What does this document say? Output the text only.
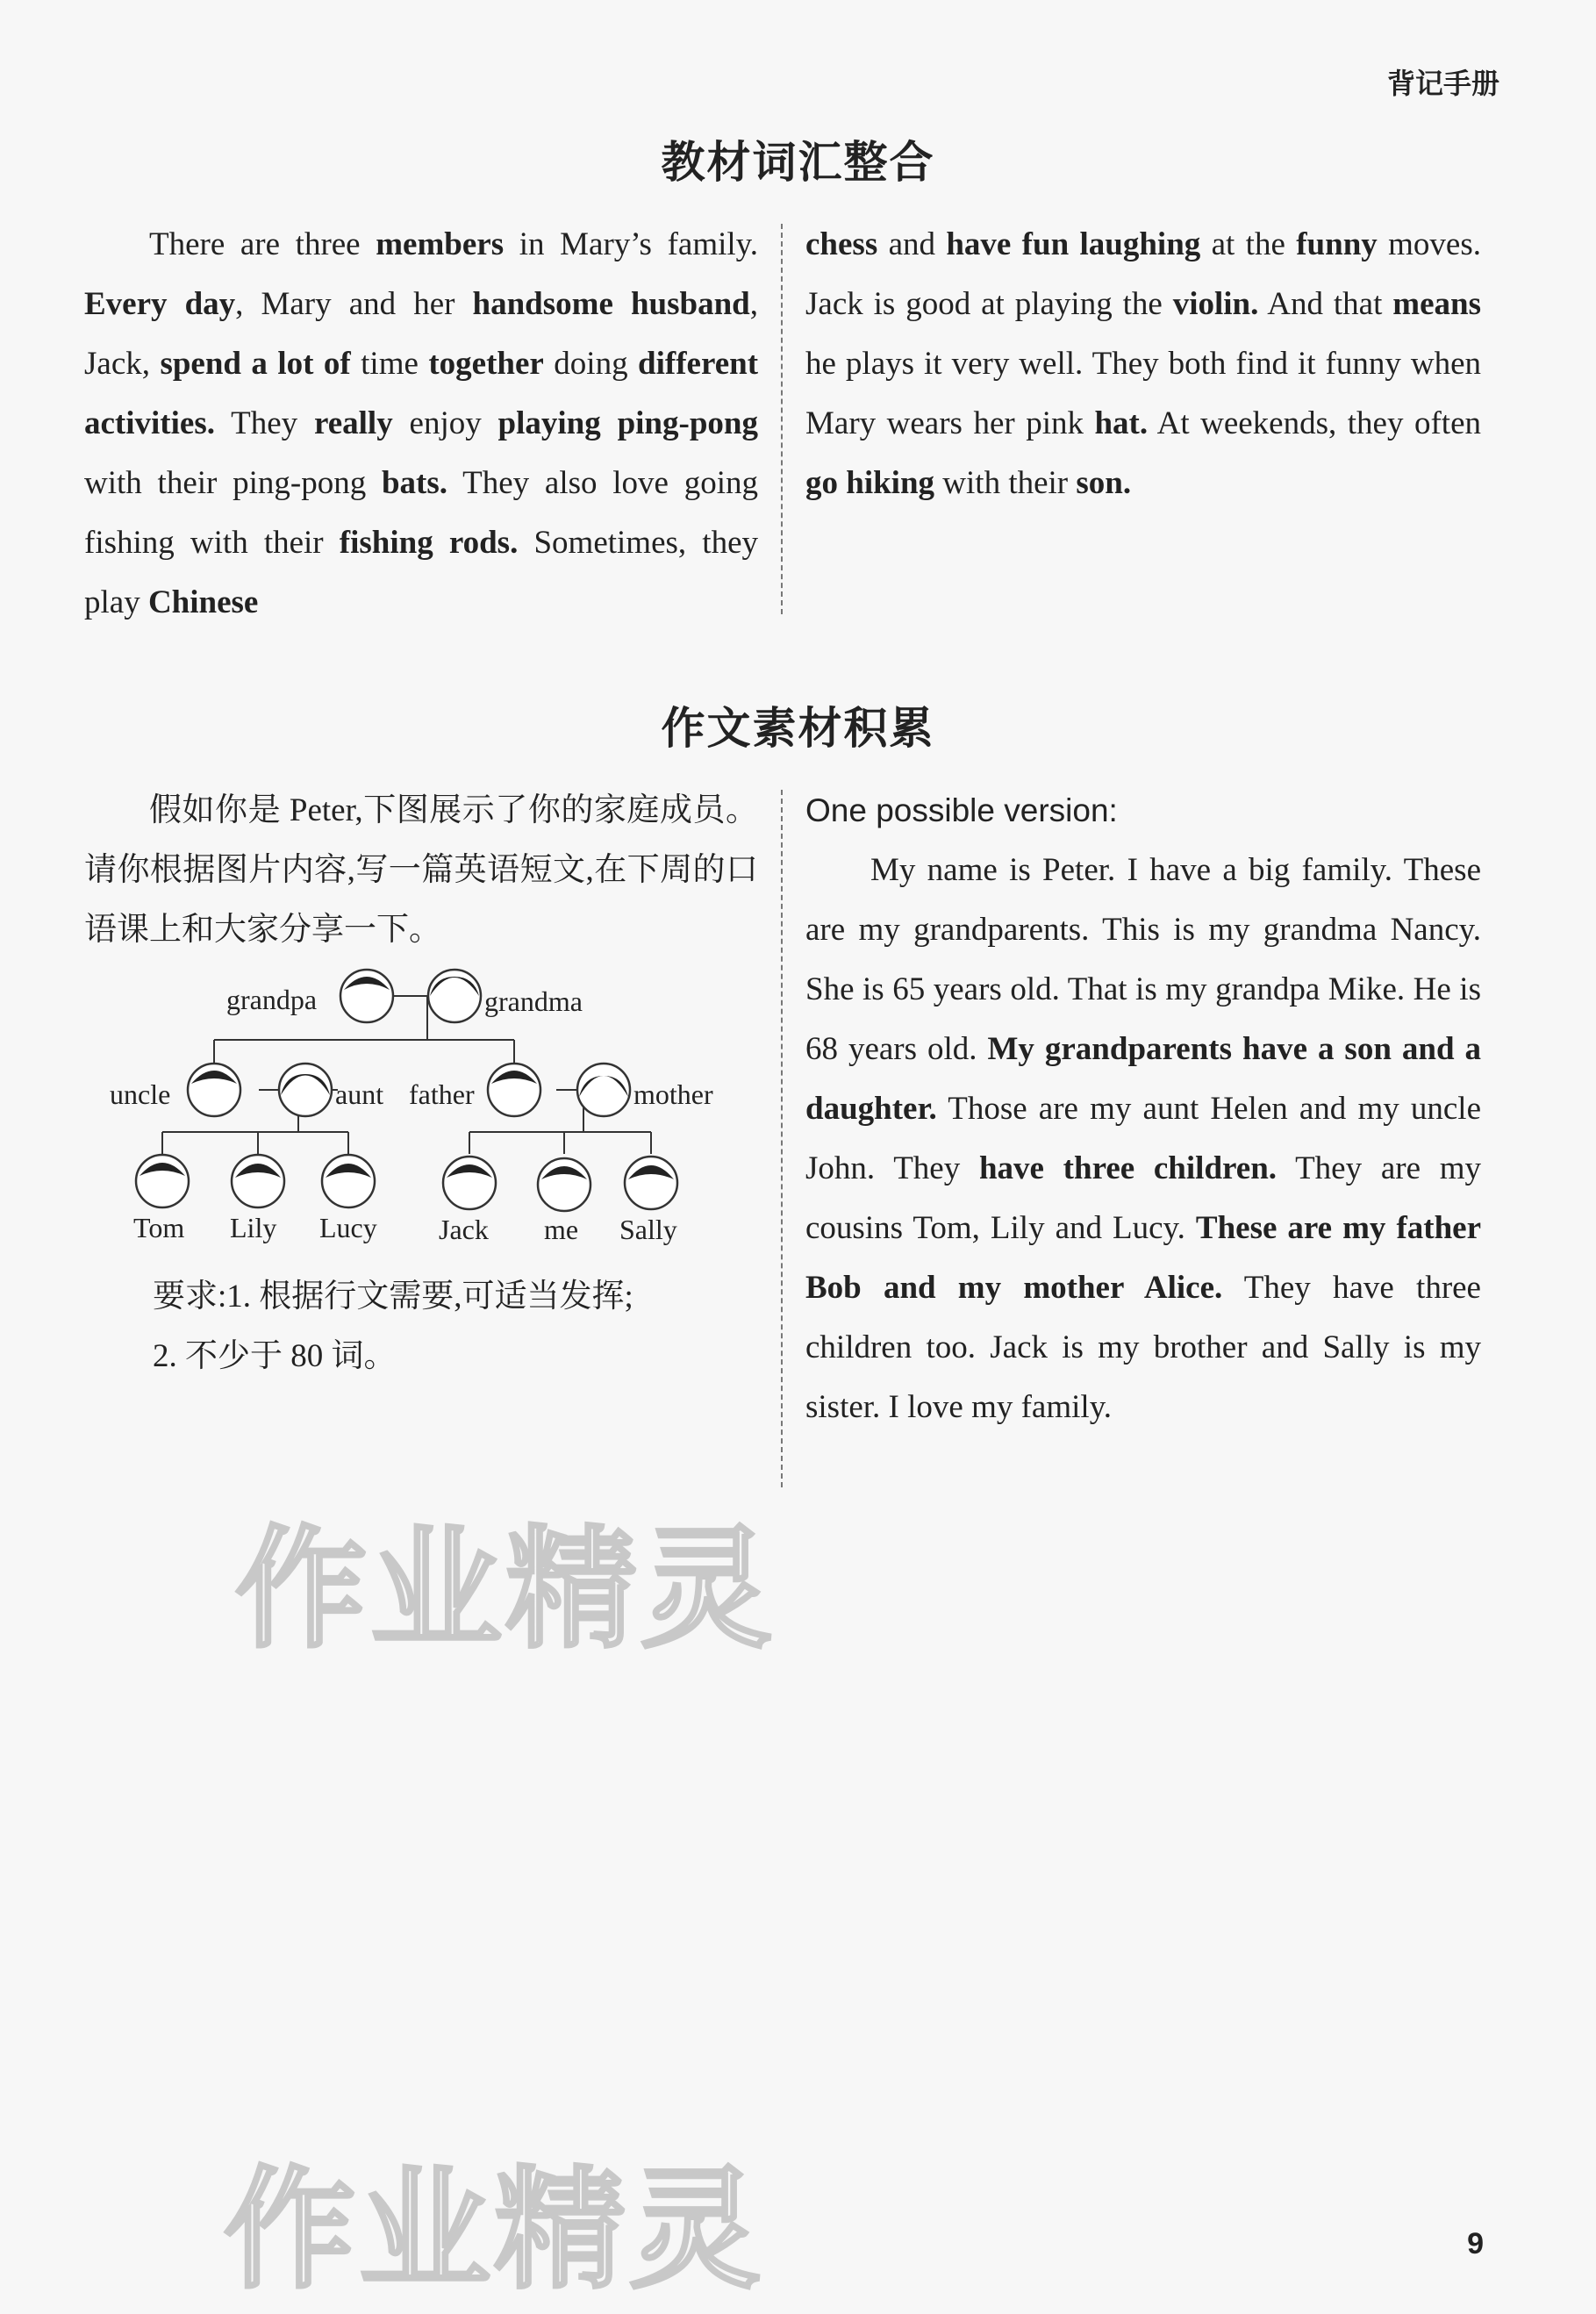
背记手册
教材词汇整合
There are three members in Mary’s family. Every day, Mary and her handsome husband, Jack, spend a lot of time together doing different activities. They really enjoy playing ping-pong with their ping-pong bats. They also love going fishing with their fishing rods. Sometimes, they play Chinese
chess and have fun laughing at the funny moves. Jack is good at playing the violin. And that means he plays it very well. They both find it funny when Mary wears her pink hat. At weekends, they often go hiking with their son.
作文素材积累

假如你是 Peter,下图展示了你的家庭成员。请你根据图片内容,写一篇英语短文,在下周的口语课上和大家分享一下。

grandpa	grandma
uncle	aunt father	mother
Tom Lily Lucy Jack me Sally
要求:1. 根据行文需要,可适当发挥;
2. 不少于 80 词。
One possible version:
My name is Peter. I have a big family. These are my grandparents. This is my grandma Nancy. She is 65 years old. That is my grandpa Mike. He is 68 years old. My grandparents have a son and a daughter. Those are my aunt Helen and my uncle John. They have three children. They are my cousins Tom, Lily and Lucy. These are my father Bob and my mother Alice. They have three children too. Jack is my brother and Sally is my sister. I love my family.
作业精灵
作业精灵	9
